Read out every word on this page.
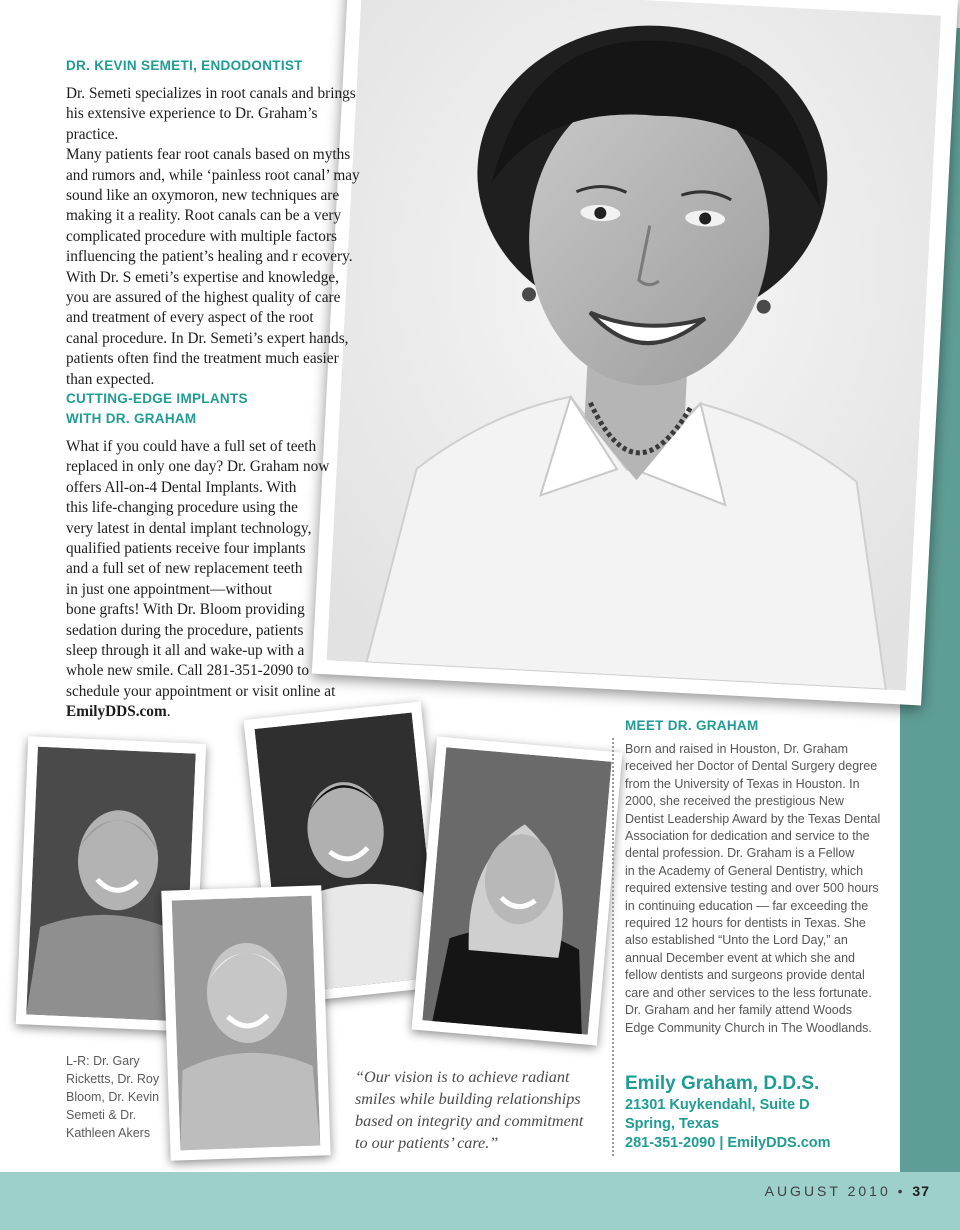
DR. KEVIN SEMETI, ENDODONTIST
Dr. Semeti specializes in root canals and brings
his extensive experience to Dr. Graham’s practice.
Many patients fear root canals based on myths
and rumors and, while ‘painless root canal’ may
sound like an oxymoron, new techniques are
making it a reality. Root canals can be a very
complicated procedure with multiple factors
influencing the patient’s healing and r ecovery.
With Dr. S emeti’s expertise and knowledge,
you are assured of the highest quality of care
and treatment of every aspect of the root
canal procedure. In Dr. Semeti’s expert hands,
patients often find the treatment much easier
than expected.
CUTTING-EDGE IMPLANTS
WITH DR. GRAHAM
What if you could have a full set of teeth
replaced in only one day? Dr. Graham now
offers All-on-4 Dental Implants. With
this life-changing procedure using the
very latest in dental implant technology,
qualified patients receive four implants
and a full set of new replacement teeth
in just one appointment—without
bone grafts! With Dr. Bloom providing
sedation during the procedure, patients
sleep through it all and wake-up with a
whole new smile. Call 281-351-2090 to
schedule your appointment or visit online at
EmilyDDS.com.
L-R: Dr. Gary
Ricketts, Dr. Roy
Bloom, Dr. Kevin
Semeti & Dr.
Kathleen Akers
“Our vision is to achieve radiant
smiles while building relationships
based on integrity and commitment
to our patients’ care.”
MEET DR. GRAHAM
Born and raised in Houston, Dr. Graham
received her Doctor of Dental Surgery degree
from the University of Texas in Houston. In
2000, she received the prestigious New
Dentist Leadership Award by the Texas Dental
Association for dedication and service to the
dental profession. Dr. Graham is a Fellow
in the Academy of General Dentistry, which
required extensive testing and over 500 hours
in continuing education — far exceeding the
required 12 hours for dentists in Texas. She
also established “Unto the Lord Day,” an
annual December event at which she and
fellow dentists and surgeons provide dental
care and other services to the less fortunate.
Dr. Graham and her family attend Woods
Edge Community Church in The Woodlands.
Emily Graham, D.D.S.
21301 Kuykendahl, Suite D
Spring, Texas
281-351-2090 | EmilyDDS.com
AUGUST 2010 • 37
